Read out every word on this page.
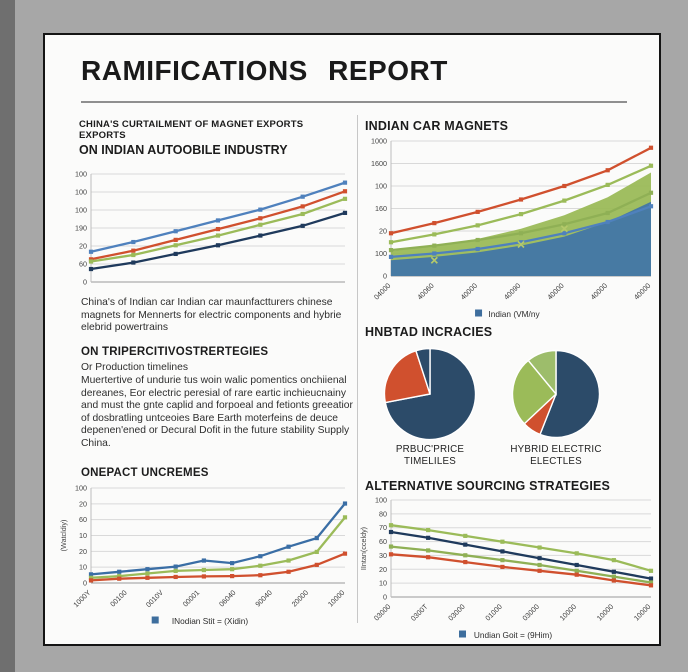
RAMIFICATIONS REPORT
CHINA'S CURTAILMENT OF MAGNET EXPORTS
EXPORTS
ON INDIAN AUTOOBILE INDUSTRY
100
100
100
190
20
60
0
China's of Indian car Indian car maunfactturers chinese magnets for Mennerts for electric components and hybrie elebrid powertrains
ON TRIPERCITIVOSTRERTEGIES
Or Production timelines
Muertertive of undurie tus woin walic pomentics onchiienal dereanes, Eor electric peresial of rare eartic inchieucnainy and must the gnte caplid and forpoeal and fetionts greeatior of dosbratling untceoies Bare Earth moterfeins de deuce depenen'ened or Decural Dofit in the future stability Supply China.
ONEPACT UNCREMES
100
20
60
10
20
10
0
1000Y 00100 0010V 00001 06040 90040 20000 10000
INodian Stit = (Xidin)
(Watcldiy)
INDIAN CAR MAGNETS
1000
1600
100
160
20
100
0
04000	40060	40000	40090	40000	40000	40000
Indian (VM/ny
HNBTAD INCRACIES
PRBUC'PRICE
TIMELILES
HYBRID ELECTRIC
ELECTLES
ALTERNATIVE SOURCING STRATEGIES
100
80
70
60
30
20
10
0
03000 0300T 03000 01000 03000 10000 10000 10000
Undian Goit = (9Him)
IIntan(cceldy)
